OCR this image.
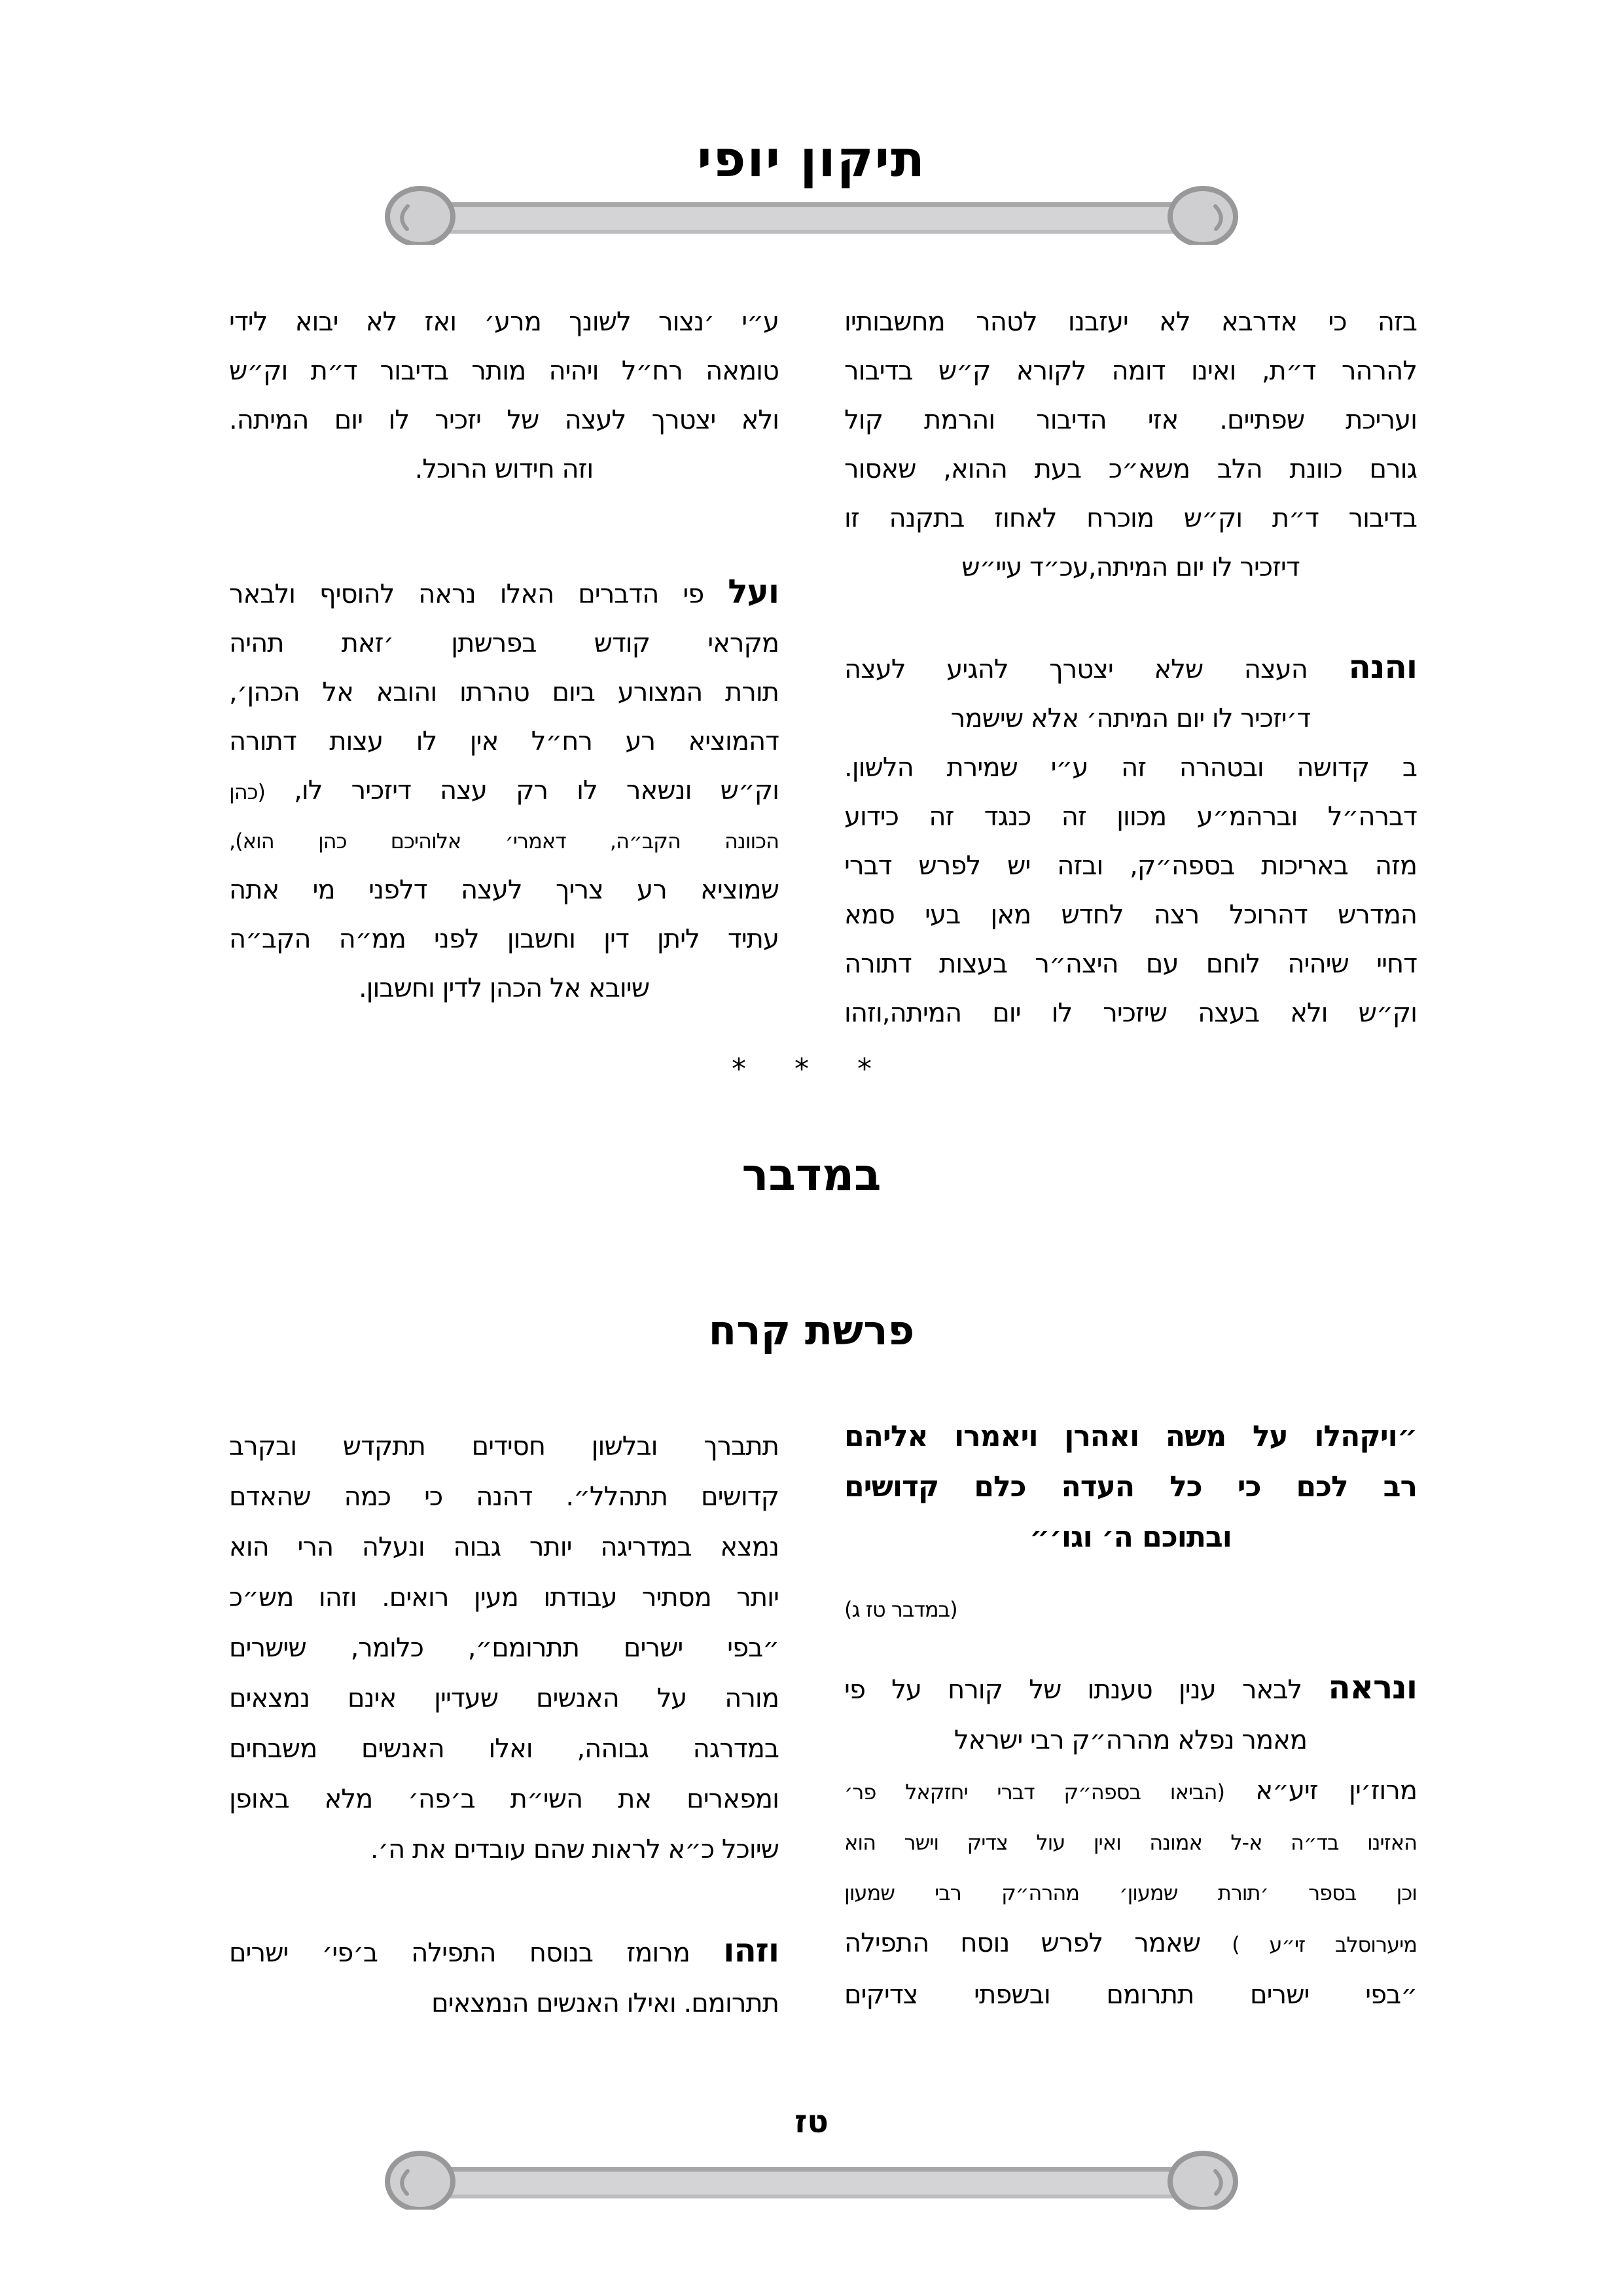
תיקון יופי
בזה כי אדרבא לא יעזבנו לטהר מחשבותיו
להרהר ד״ת, ואינו דומה לקורא ק״ש בדיבור
ועריכת שפתיים. אזי הדיבור והרמת קול
גורם כוונת הלב משא״כ בעת ההוא, שאסור
בדיבור ד״ת וק״ש מוכרח לאחוז בתקנה זו
דיזכיר לו יום המיתה,עכ״ד עיי״ש
והנה העצה שלא יצטרך להגיע לעצה
ד׳יזכיר לו יום המיתה׳ אלא שישמר
ב קדושה ובטהרה זה ע״י שמירת הלשון.
דברה״ל וברהמ״ע מכוון זה כנגד זה כידוע
מזה באריכות בספה״ק, ובזה יש לפרש דברי
המדרש דהרוכל רצה לחדש מאן בעי סמא
דחיי שיהיה לוחם עם היצה״ר בעצות דתורה
וק״ש ולא בעצה שיזכיר לו יום המיתה,וזהו
ע״י ׳נצור לשונך מרע׳ ואז לא יבוא לידי
טומאה רח״ל ויהיה מותר בדיבור ד״ת וק״ש
ולא יצטרך לעצה של יזכיר לו יום המיתה.
וזה חידוש הרוכל.
ועל פי הדברים האלו נראה להוסיף ולבאר
מקראי קודש בפרשתן ׳זאת תהיה
תורת המצורע ביום טהרתו והובא אל הכהן׳,
דהמוציא רע רח״ל אין לו עצות דתורה
וק״ש ונשאר לו רק עצה דיזכיר לו, (כהן
הכוונה הקב״ה, דאמרי׳ אלוהיכם כהן הוא),
שמוציא רע צריך לעצה דלפני מי אתה
עתיד ליתן דין וחשבון לפני ממ״ה הקב״ה
שיובא אל הכהן לדין וחשבון.
* * *
במדבר
פרשת קרח
״ויקהלו על משה ואהרן ויאמרו אליהם
רב לכם כי כל העדה כלם קדושים
ובתוכם ה׳ וגו׳״
(במדבר טז ג)
ונראה לבאר ענין טענתו של קורח על פי
מאמר נפלא מהרה״ק רבי ישראל
מרוז׳ין זיע״א (הביאו בספה״ק דברי יחזקאל פר׳
האזינו בד״ה א-ל אמונה ואין עול צדיק וישר הוא
וכן בספר ׳תורת שמעון׳ מהרה״ק רבי שמעון
מיערוסלב זי״ע ) שאמר לפרש נוסח התפילה
״בפי ישרים תתרומם ובשפתי צדיקים
תתברך ובלשון חסידים תתקדש ובקרב
קדושים תתהלל״. דהנה כי כמה שהאדם
נמצא במדריגה יותר גבוה ונעלה הרי הוא
יותר מסתיר עבודתו מעין רואים. וזהו מש״כ
״בפי ישרים תתרומם״, כלומר, שישרים
מורה על האנשים שעדיין אינם נמצאים
במדרגה גבוהה, ואלו האנשים משבחים
ומפארים את השי״ת ב׳פה׳ מלא באופן
שיוכל כ״א לראות שהם עובדים את ה׳.
וזהו מרומז בנוסח התפילה ב׳פי׳ ישרים
תתרומם. ואילו האנשים הנמצאים
טז
